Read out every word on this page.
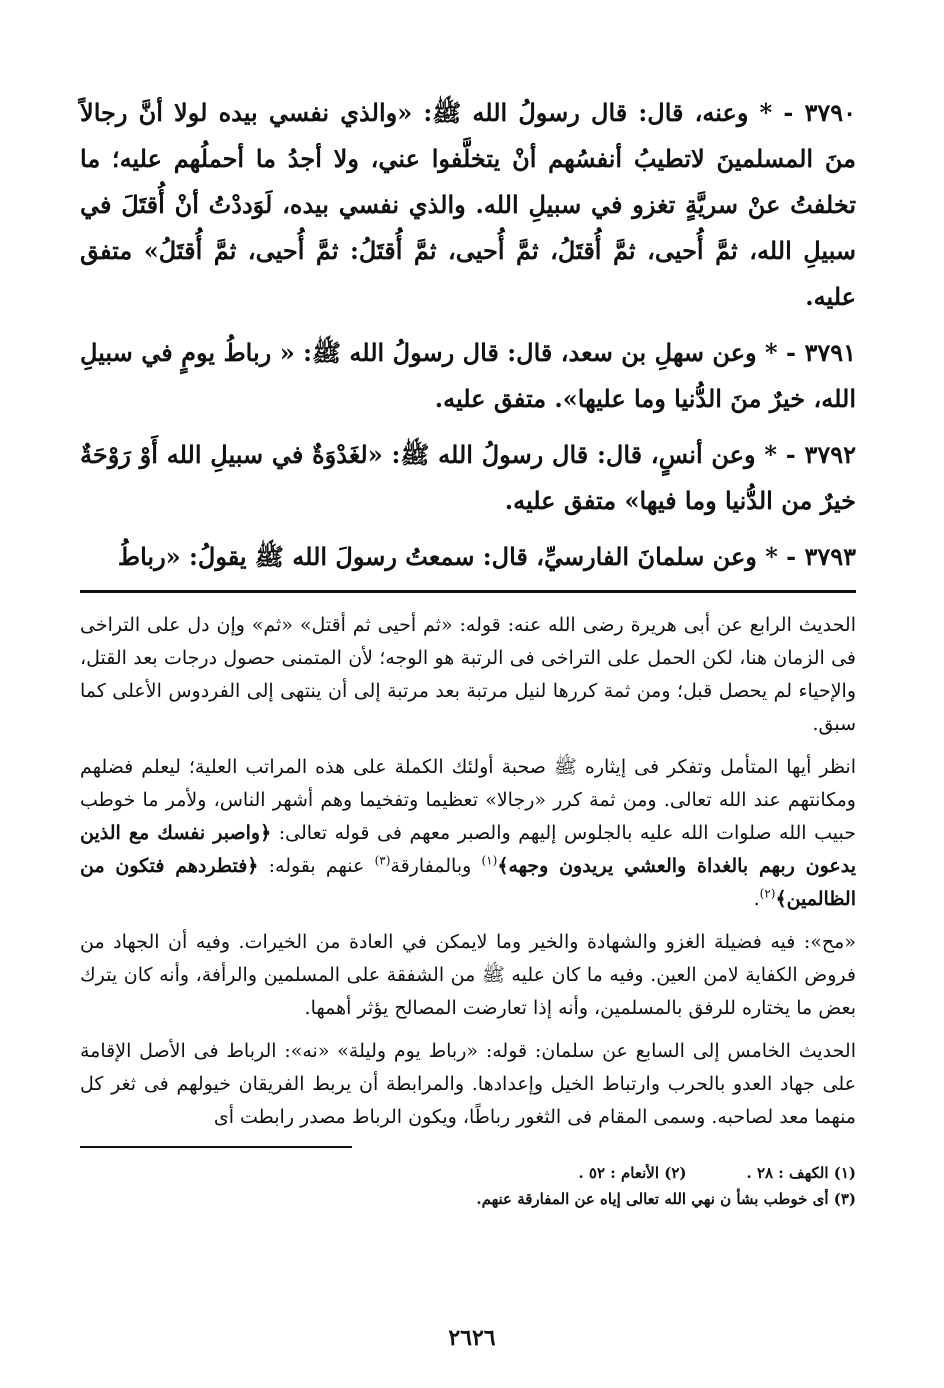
٣٧٩٠ - * وعنه، قال: قال رسولُ الله ﷺ: «والذي نفسي بيده لولا أنَّ رجالاً منَ المسلمينَ لاتطيبُ أنفسُهم أنْ يتخلَّفوا عني، ولا أجدُ ما أحملُهم عليه؛ ما تخلفتُ عنْ سريَّةٍ تغزو في سبيلِ الله. والذي نفسي بيده، لَوَددْتُ أنْ أُقتَلَ في سبيلِ الله، ثمَّ أُحيى، ثمَّ أُقتَلُ، ثمَّ أُحيى، ثمَّ أُقتَلُ: ثمَّ أُحيى، ثمَّ أُقتَلُ» متفق عليه.

٣٧٩١ - * وعن سهلِ بن سعد، قال: قال رسولُ الله ﷺ: « رباطُ يومٍ في سبيلِ الله، خيرٌ منَ الدُّنيا وما عليها». متفق عليه.

٣٧٩٢ - * وعن أنسٍ، قال: قال رسولُ الله ﷺ: «لغَدْوَةٌ في سبيلِ الله أَوْ رَوْحَةٌ خيرٌ من الدُّنيا وما فيها» متفق عليه.

٣٧٩٣ - * وعن سلمانَ الفارسيِّ، قال: سمعتُ رسولَ الله ﷺ يقولُ: «رباطُ

الحديث الرابع عن أبى هريرة رضى الله عنه: قوله: «ثم أحيى ثم أقتل» «ثم» وإن دل على التراخى فى الزمان هنا، لكن الحمل على التراخى فى الرتبة هو الوجه؛ لأن المتمنى حصول درجات بعد القتل، والإحياء لم يحصل قبل؛ ومن ثمة كررها لنيل مرتبة بعد مرتبة إلى أن ينتهى إلى الفردوس الأعلى كما سبق.

انظر أيها المتأمل وتفكر فى إيثاره ﷺ صحبة أولئك الكملة على هذه المراتب العلية؛ ليعلم فضلهم ومكانتهم عند الله تعالى. ومن ثمة كرر «رجالا» تعظيما وتفخيما وهم أشهر الناس، ولأمر ما خوطب حبيب الله صلوات الله عليه بالجلوس إليهم والصبر معهم فى قوله تعالى: ﴿واصبر نفسك مع الذين يدعون ربهم بالغداة والعشي يريدون وجهه﴾$^{(١)}$ وبالمفارقة$^{(٣)}$ عنهم بقوله: ﴿فتطردهم فتكون من الظالمين﴾$^{(٢)}$.

«مح»: فيه فضيلة الغزو والشهادة والخير وما لايمكن في العادة من الخيرات. وفيه أن الجهاد من فروض الكفاية لامن العين. وفيه ما كان عليه ﷺ من الشفقة على المسلمين والرأفة، وأنه كان يترك بعض ما يختاره للرفق بالمسلمين، وأنه إذا تعارضت المصالح يؤثر أهمها.

الحديث الخامس إلى السابع عن سلمان: قوله: «رباط يوم وليلة» «نه»: الرباط فى الأصل الإقامة على جهاد العدو بالحرب وارتباط الخيل وإعدادها. والمرابطة أن يربط الفريقان خيولهم فى ثغر كل منهما معد لصاحبه. وسمى المقام فى الثغور رباطًا، ويكون الرباط مصدر رابطت أى

(١) الكهف : ٢٨ .(٢) الأنعام : ٥٢ .
(٣) أى خوطب بشأ ن نهي الله تعالى إياه عن المفارقة عنهم.
٢٦٢٦
